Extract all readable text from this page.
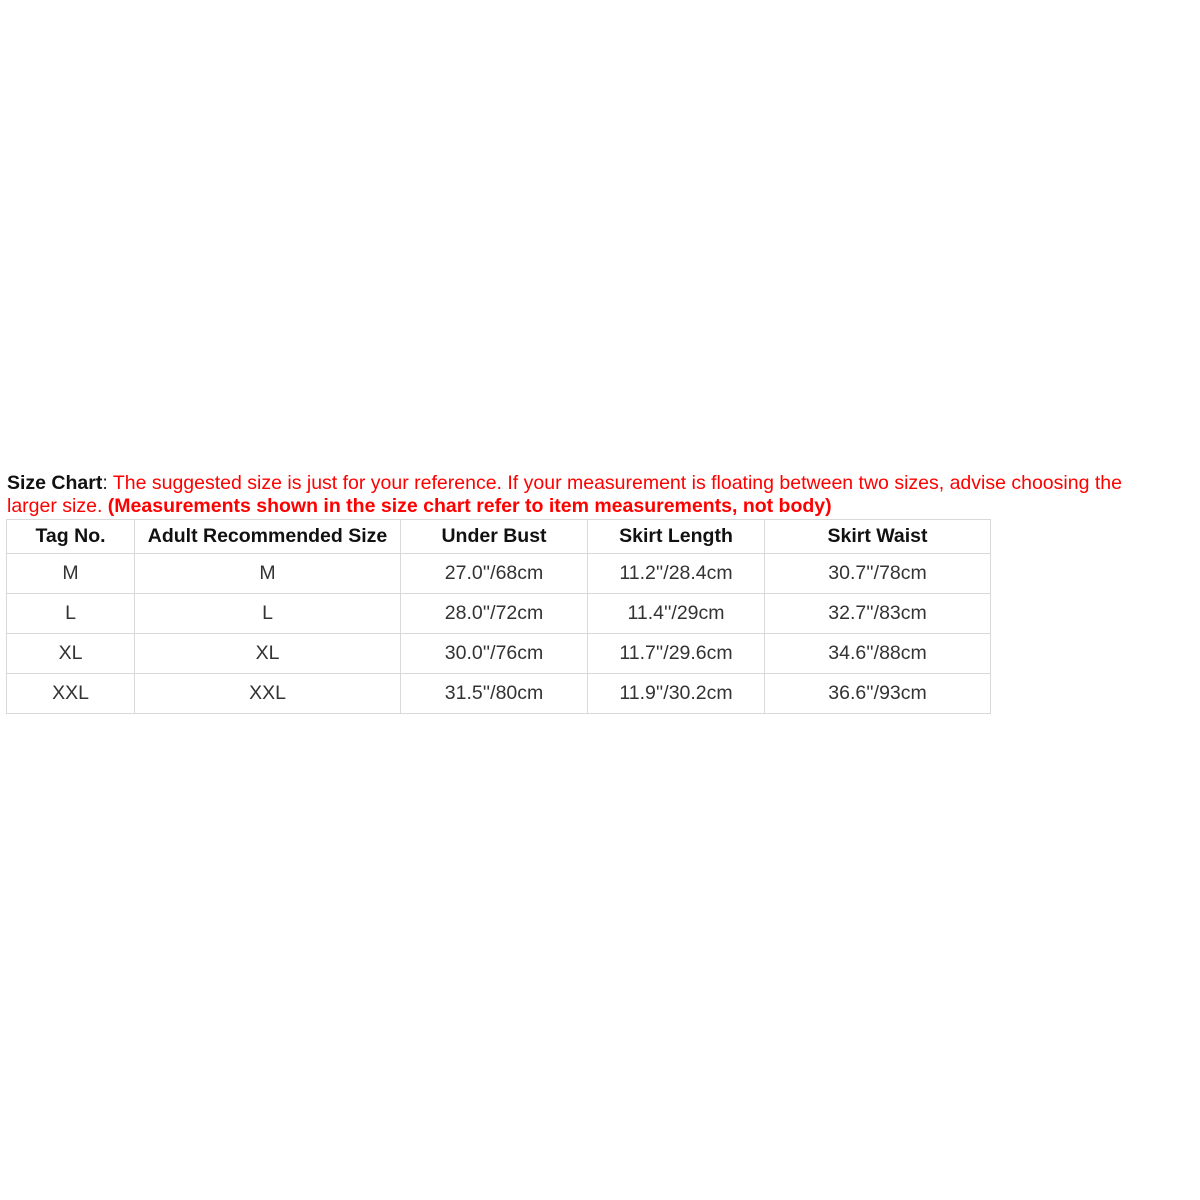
Size Chart: The suggested size is just for your reference. If your measurement is floating between two sizes, advise choosing the
larger size. (Measurements shown in the size chart refer to item measurements, not body)
Tag No.	Adult Recommended Size	Under Bust	Skirt Length	Skirt Waist
M	M	27.0''/68cm	11.2''/28.4cm	30.7''/78cm
L	L	28.0''/72cm	11.4''/29cm	32.7''/83cm
XL	XL	30.0''/76cm	11.7''/29.6cm	34.6''/88cm
XXL	XXL	31.5''/80cm	11.9''/30.2cm	36.6''/93cm
